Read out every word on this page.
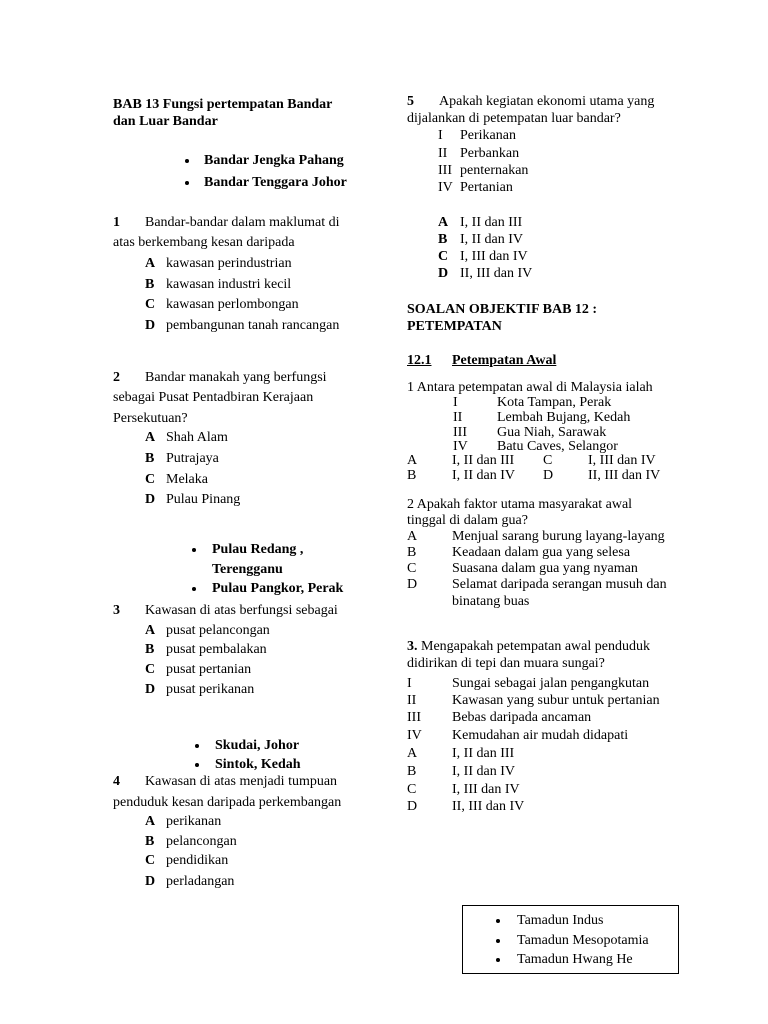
BAB 13 Fungsi pertempatan Bandar
dan Luar Bandar
Bandar Jengka Pahang
Bandar Tenggara Johor
1 Bandar-bandar dalam maklumat di
atas berkembang kesan daripada
A kawasan perindustrian
B kawasan industri kecil
C kawasan perlombongan
D pembangunan tanah rancangan
2 Bandar manakah yang berfungsi
sebagai Pusat Pentadbiran Kerajaan
Persekutuan?
A Shah Alam
B Putrajaya
C Melaka
D Pulau Pinang
Pulau Redang ,
Terengganu
Pulau Pangkor, Perak
3 Kawasan di atas berfungsi sebagai
A pusat pelancongan
B pusat pembalakan
C pusat pertanian
D pusat perikanan
Skudai, Johor
Sintok, Kedah
4 Kawasan di atas menjadi tumpuan
penduduk kesan daripada perkembangan
A perikanan
B pelancongan
C pendidikan
D perladangan
5 Apakah kegiatan ekonomi utama yang
dijalankan di petempatan luar bandar?
I Perikanan
II Perbankan
III penternakan
IV Pertanian
A I, II dan III
B I, II dan IV
C I, III dan IV
D II, III dan IV
SOALAN OBJEKTIF BAB 12 :
PETEMPATAN
12.1 Petempatan Awal
1 Antara petempatan awal di Malaysia ialah
I	Kota Tampan, Perak
II Lembah Bujang, Kedah
III Gua Niah, Sarawak
IV Batu Caves, Selangor
A I, II dan III C	I, III dan IV
B	I, II dan IV D II, III dan IV
2 Apakah faktor utama masyarakat awal
tinggal di dalam gua?
A Menjual sarang burung layang-layang
B	Keadaan dalam gua yang selesa
C	Suasana dalam gua yang nyaman
D Selamat daripada serangan musuh dan
binatang buas
3. Mengapakah petempatan awal penduduk
didirikan di tepi dan muara sungai?
I	Sungai sebagai jalan pengangkutan
II	Kawasan yang subur untuk pertanian
III Bebas daripada ancaman
IV Kemudahan air mudah didapati
A I, II dan III
B	I, II dan IV
C	I, III dan IV
D II, III dan IV
Tamadun Indus
Tamadun Mesopotamia
Tamadun Hwang He
